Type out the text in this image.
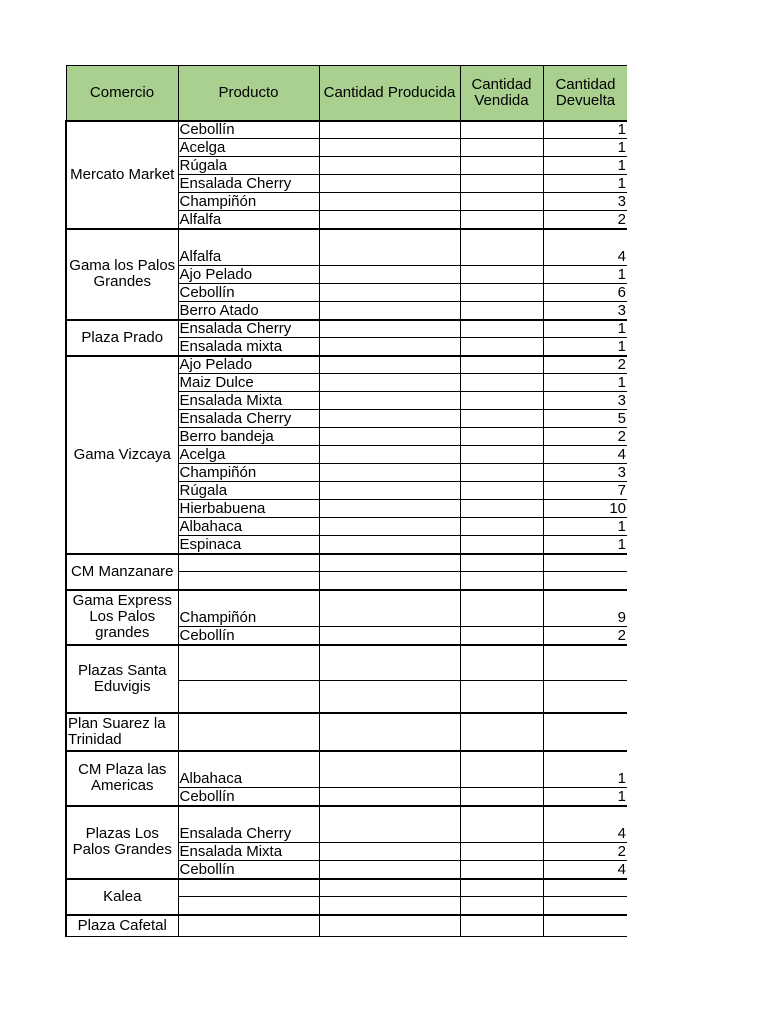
Comercio	Producto	Cantidad Producida	Cantidad Vendida	Cantidad Devuelta
Mercato Market	Cebollín			1
	Acelga			1
	Rúgala			1
	Ensalada Cherry			1
	Champiñón			3
	Alfalfa			2
Gama los Palos Grandes	Alfalfa			4
	Ajo Pelado			1
	Cebollín			6
	Berro Atado			3
Plaza Prado	Ensalada Cherry			1
	Ensalada mixta			1
Gama Vizcaya	Ajo Pelado			2
	Maiz Dulce			1
	Ensalada Mixta			3
	Ensalada Cherry			5
	Berro bandeja			2
	Acelga			4
	Champiñón			3
	Rúgala			7
	Hierbabuena			10
	Albahaca			1
	Espinaca			1
CM Manzanare				

Gama Express Los Palos grandes	Champiñón			9
	Cebollín			2
Plazas Santa Eduvigis				

Plan Suarez la Trinidad				
CM Plaza las Americas	Albahaca			1
	Cebollín			1
Plazas Los Palos Grandes	Ensalada Cherry			4
	Ensalada Mixta			2
	Cebollín			4
Kalea				

Plaza Cafetal				
